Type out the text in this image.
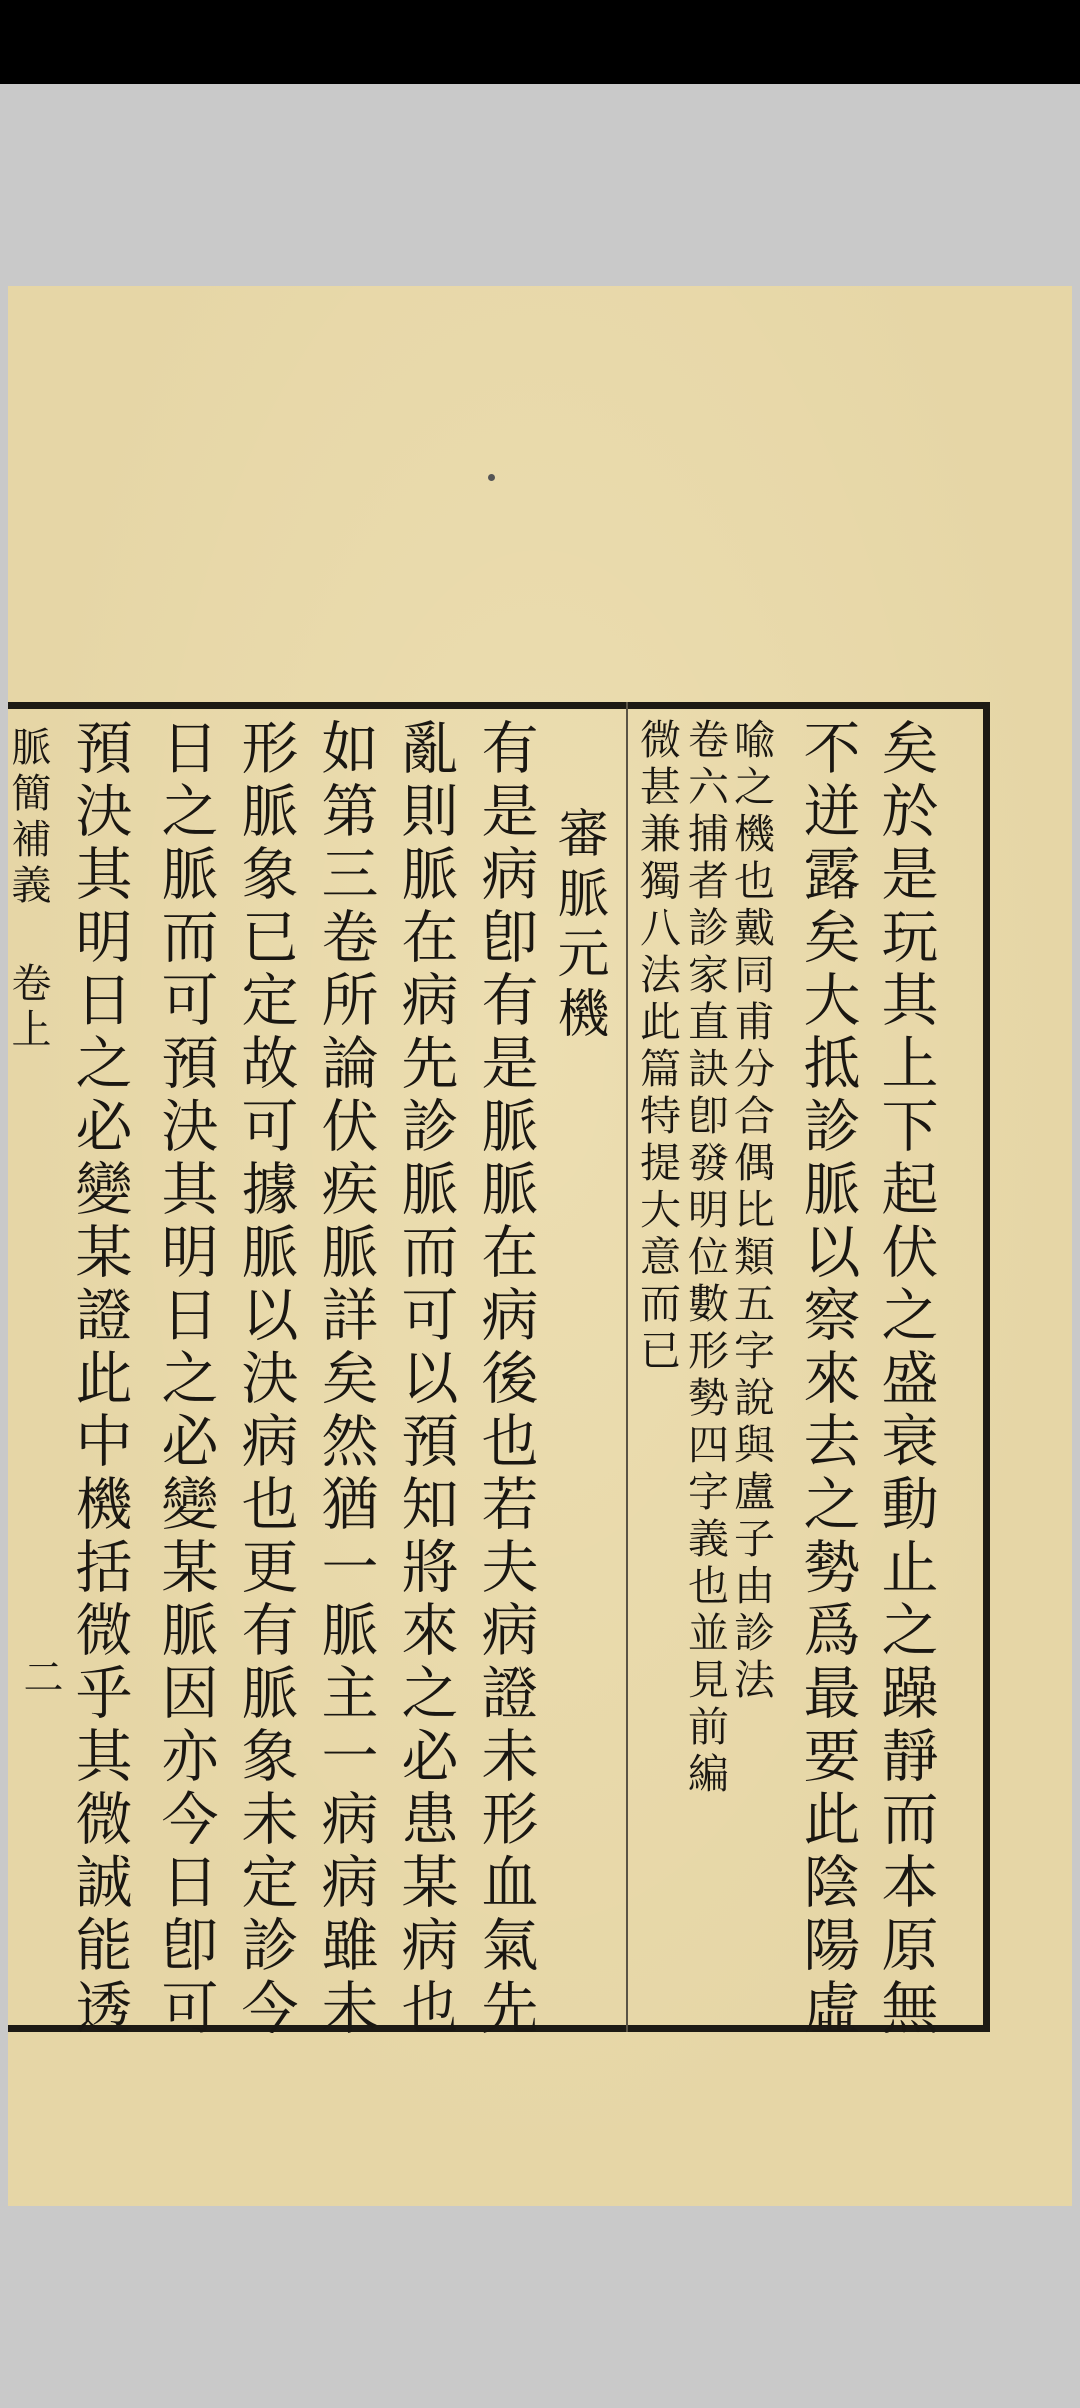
矣於是玩其上下起伏之盛衰動止之躁靜而本原無
不迸露矣大抵診脈以察來去之勢爲最要此陰陽虛
喩之機也戴同甫分合偶比類五字說與盧子由診法
卷六捕者診家直訣卽發明位數形勢四字義也並見前編
微甚兼獨八法此篇特提大意而已
審脈元機
有是病卽有是脈脈在病後也若夫病證未形血氣先
亂則脈在病先診脈而可以預知將來之必患某病也
如第三卷所論伏疾脈詳矣然猶一脈主一病病雖未
形脈象已定故可據脈以決病也更有脈象未定診今
日之脈而可預決其明日之必變某脈因亦今日卽可
預決其明日之必變某證此中機括微乎其微誠能透
脈簡補義 卷上
二
